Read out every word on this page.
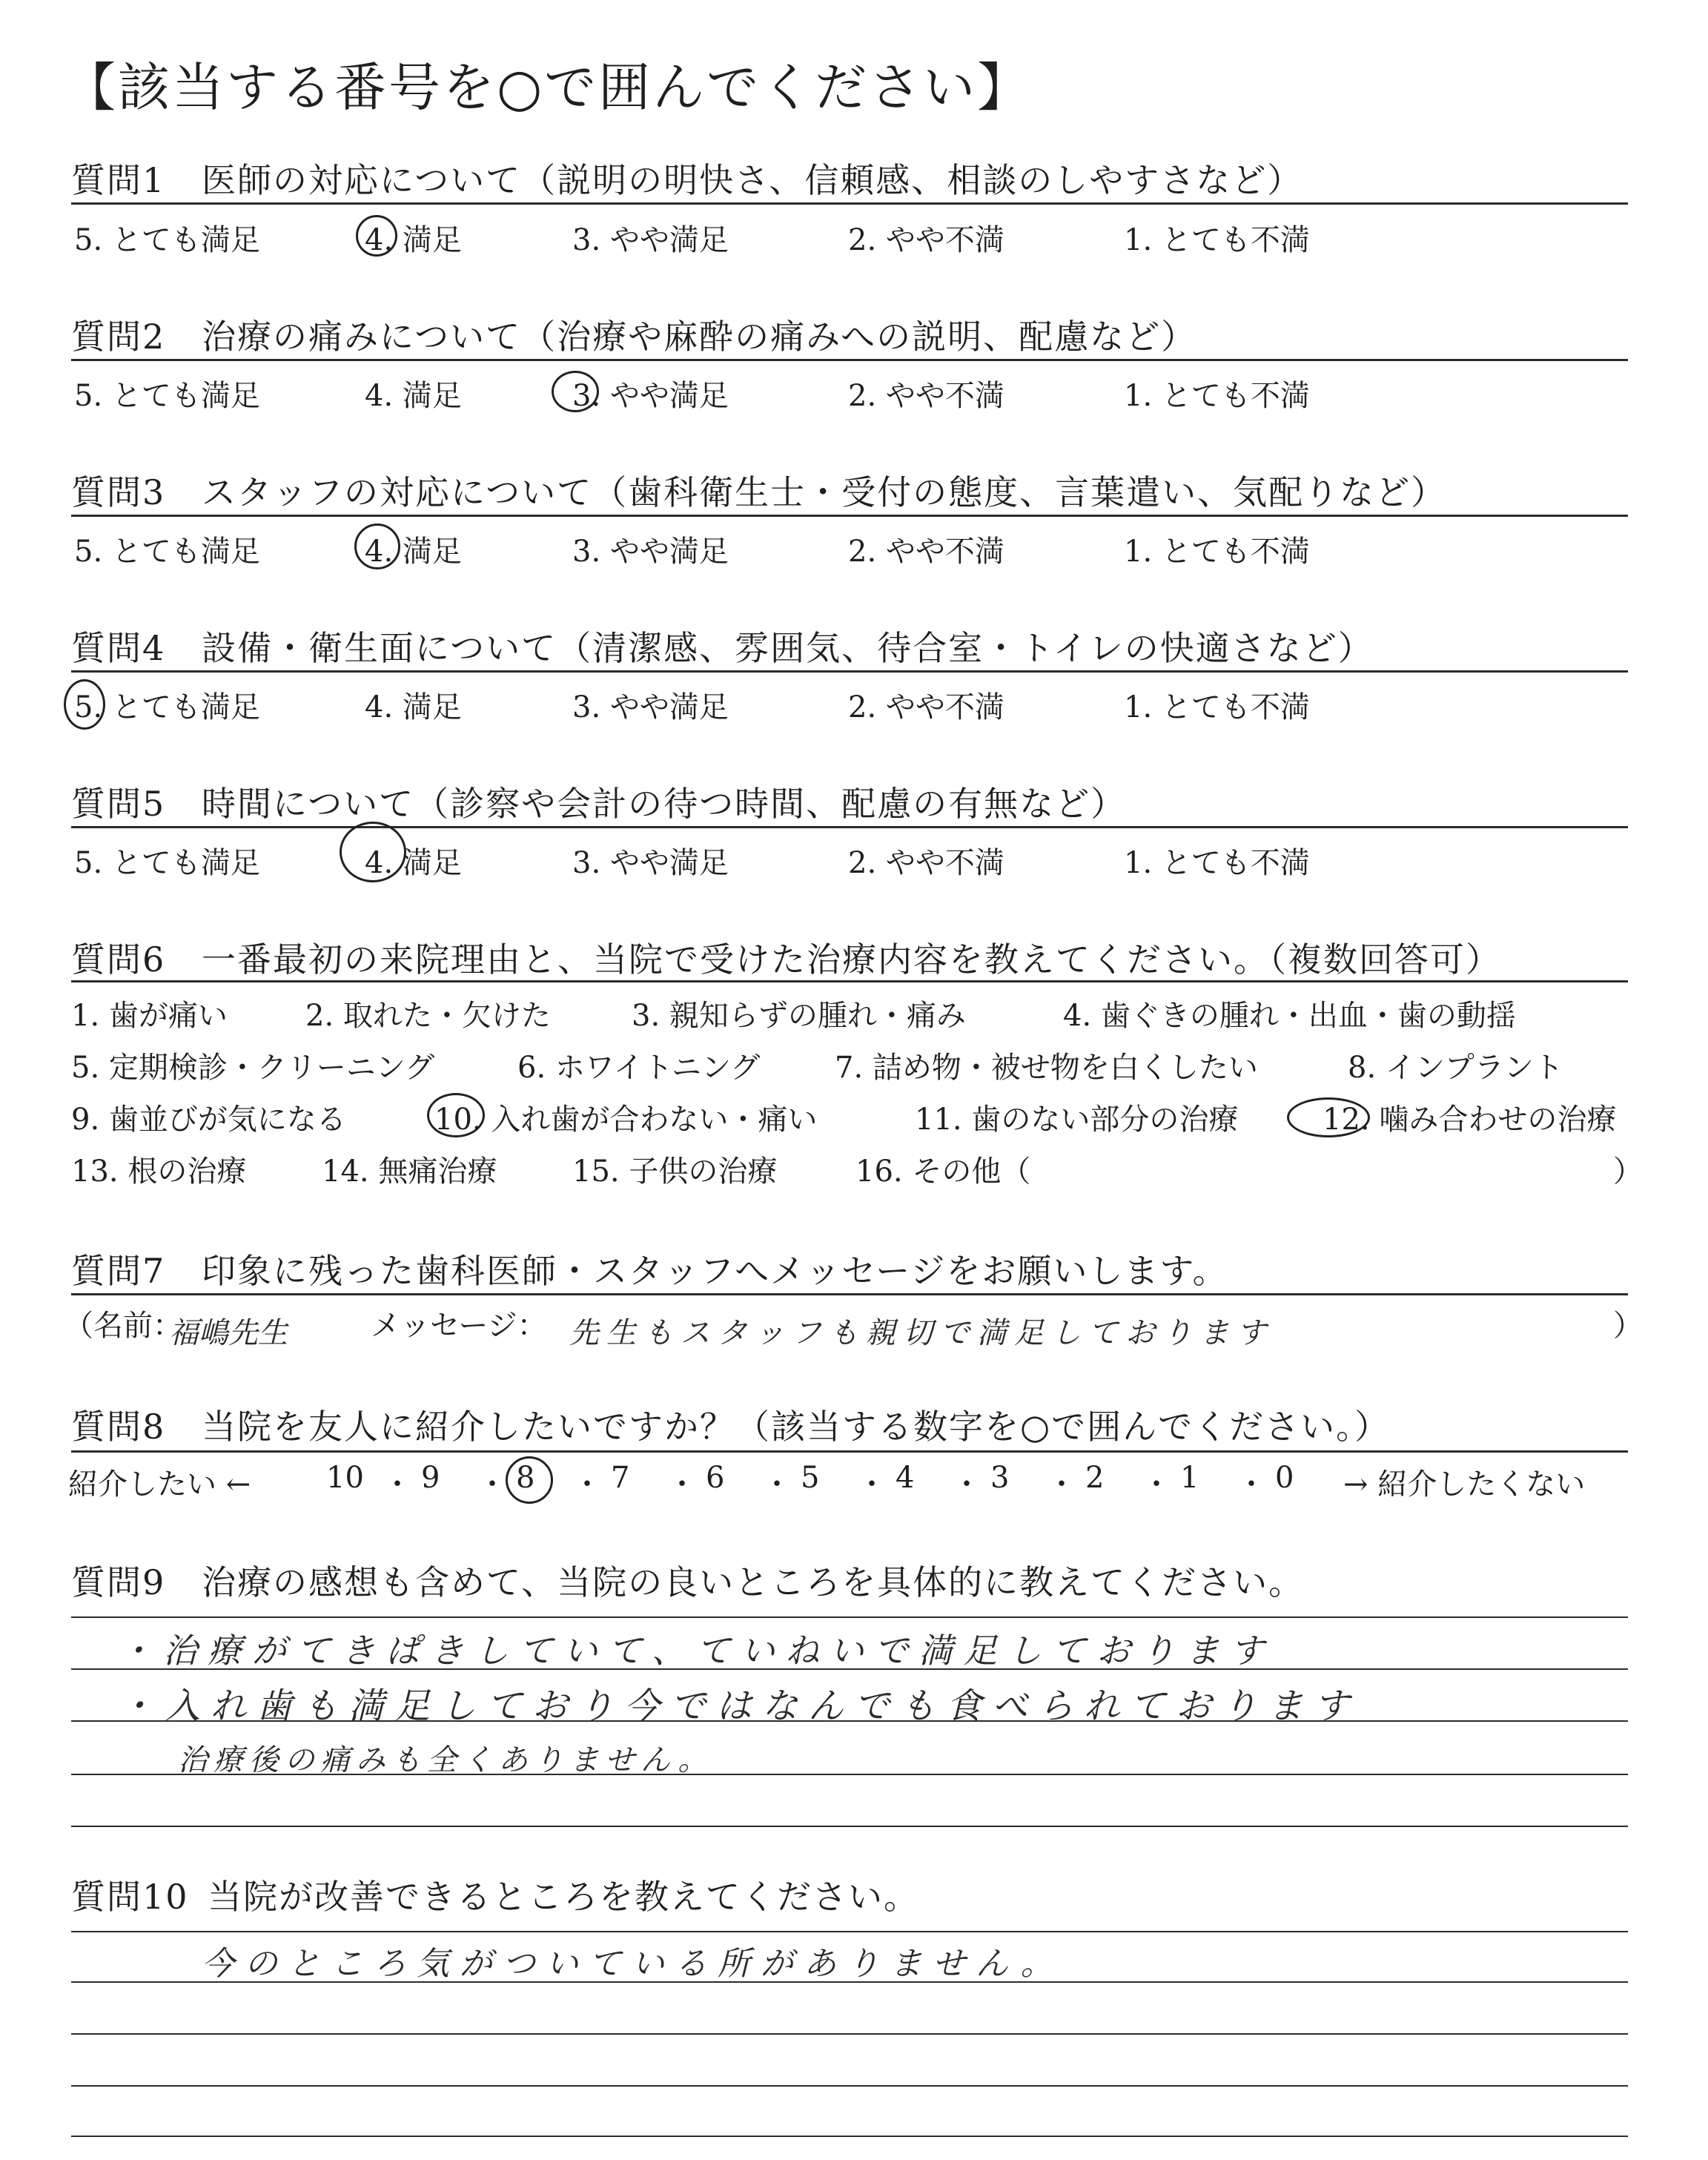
【該当する番号を○で囲んでください】
質問1 医師の対応について（説明の明快さ、信頼感、相談のしやすさなど）
5. とても満足	4. 満足	3. やや満足	2. やや不満	1. とても不満
質問2 治療の痛みについて（治療や麻酔の痛みへの説明、配慮など）
5. とても満足	4. 満足	3. やや満足	2. やや不満	1. とても不満
質問3 スタッフの対応について（歯科衛生士・受付の態度、言葉遣い、気配りなど）
5. とても満足	4. 満足	3. やや満足	2. やや不満	1. とても不満
質問4 設備・衛生面について（清潔感、雰囲気、待合室・トイレの快適さなど）
5. とても満足	4. 満足	3. やや満足	2. やや不満	1. とても不満
質問5 時間について（診察や会計の待つ時間、配慮の有無など）
5. とても満足	4. 満足	3. やや満足	2. やや不満	1. とても不満
質問6 一番最初の来院理由と、当院で受けた治療内容を教えてください。（複数回答可）
1. 歯が痛い	2. 取れた・欠けた	3. 親知らずの腫れ・痛み	4. 歯ぐきの腫れ・出血・歯の動揺
5. 定期検診・クリーニング	6. ホワイトニング	7. 詰め物・被せ物を白くしたい	8. インプラント
9. 歯並びが気になる	10. 入れ歯が合わない・痛い	11. 歯のない部分の治療	12. 噛み合わせの治療
13. 根の治療	14. 無痛治療	15. 子供の治療	16. その他（	）
質問7 印象に残った歯科医師・スタッフへメッセージをお願いします。
（名前：
福嶋先生	メッセージ： 先生もスタッフも親切で満足しております	）
質問8 当院を友人に紹介したいですか？（該当する数字を○で囲んでください。）
紹介したい ←	→ 紹介したくない
10 ・ 9 ・ 8 ・ 7 ・ 6 ・ 5 ・ 4 ・ 3 ・ 2 ・ 1 ・ 0
質問9 治療の感想も含めて、当院の良いところを具体的に教えてください。
・治療がてきぱきしていて、ていねいで満足しております
・入れ歯も満足しており今ではなんでも食べられております
治療後の痛みも全くありません。
質問10 当院が改善できるところを教えてください。
今のところ気がついている所がありません。
